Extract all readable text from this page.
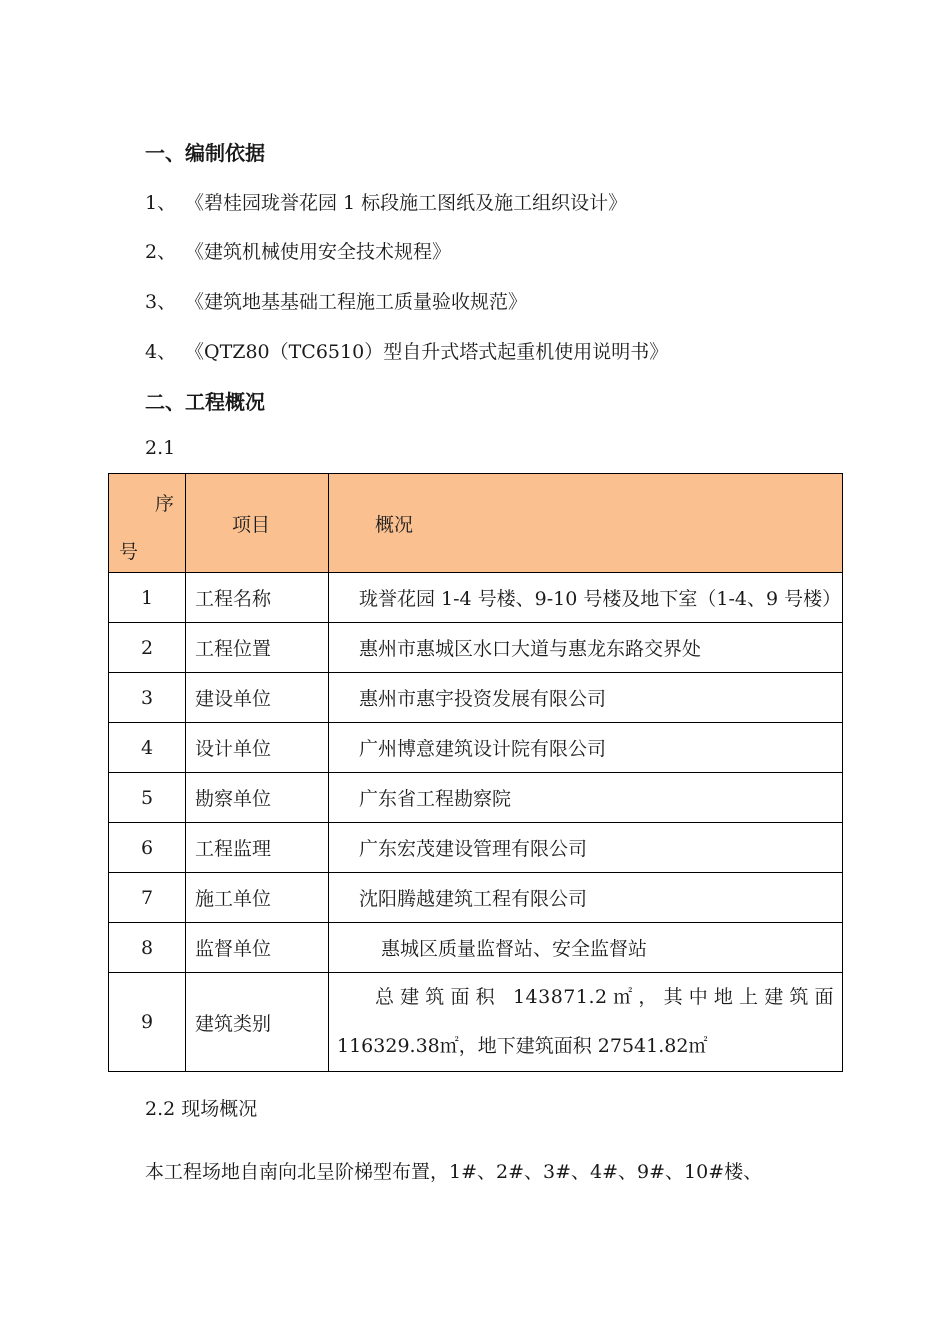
一、编制依据
1、 《碧桂园珑誉花园 1 标段施工图纸及施工组织设计》
2、 《建筑机械使用安全技术规程》
3、 《建筑地基基础工程施工质量验收规范》
4、 《QTZ80（TC6510）型自升式塔式起重机使用说明书》
二、工程概况
2.1
序
号	项目	概况
1	工程名称	珑誉花园 1-4 号楼、9-10 号楼及地下室（1-4、9 号楼）
2	工程位置	惠州市惠城区水口大道与惠龙东路交界处
3	建设单位	惠州市惠宇投资发展有限公司
4	设计单位	广州博意建筑设计院有限公司
5	勘察单位	广东省工程勘察院
6	工程监理	广东宏茂建设管理有限公司
7	施工单位	沈阳腾越建筑工程有限公司
8	监督单位	惠城区质量监督站、安全监督站
9	建筑类别	总建筑面积 143871.2㎡，其中地上建筑面
116329.38㎡，地下建筑面积 27541.82㎡
2.2 现场概况
本工程场地自南向北呈阶梯型布置，1#、2#、3#、4#、9#、10#楼、
